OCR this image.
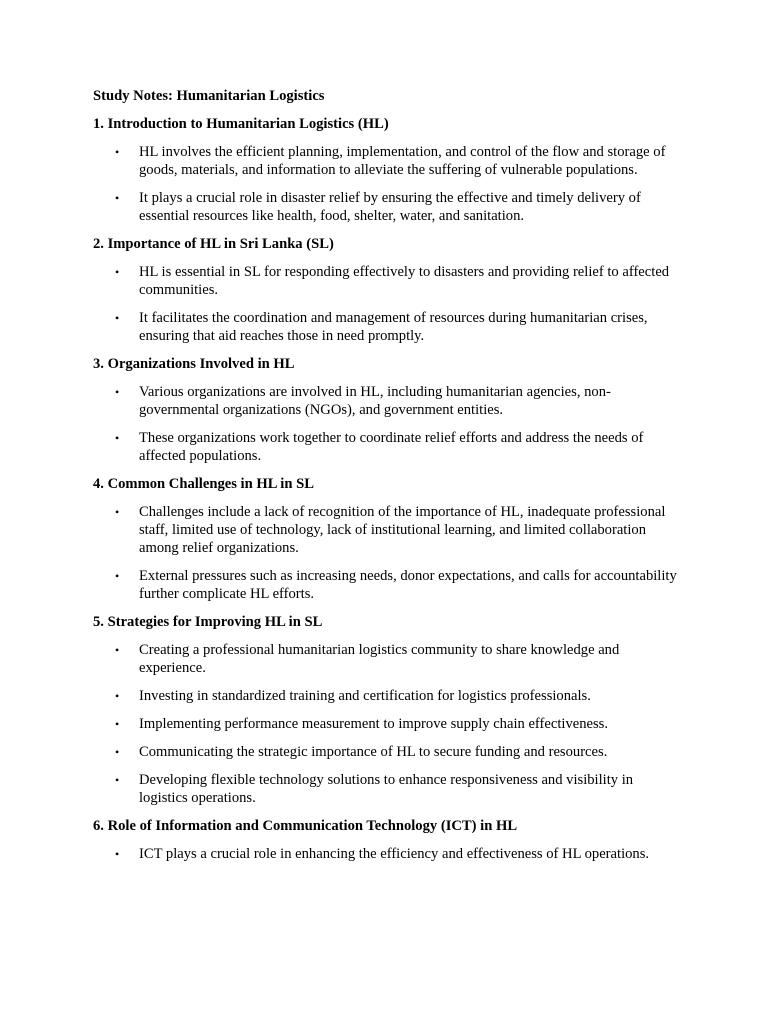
Study Notes: Humanitarian Logistics
1. Introduction to Humanitarian Logistics (HL)
• HL involves the efficient planning, implementation, and control of the flow and storage of goods, materials, and information to alleviate the suffering of vulnerable populations.
• It plays a crucial role in disaster relief by ensuring the effective and timely delivery of essential resources like health, food, shelter, water, and sanitation.
2. Importance of HL in Sri Lanka (SL)
• HL is essential in SL for responding effectively to disasters and providing relief to affected communities.
• It facilitates the coordination and management of resources during humanitarian crises, ensuring that aid reaches those in need promptly.
3. Organizations Involved in HL
• Various organizations are involved in HL, including humanitarian agencies, non-governmental organizations (NGOs), and government entities.
• These organizations work together to coordinate relief efforts and address the needs of affected populations.
4. Common Challenges in HL in SL
• Challenges include a lack of recognition of the importance of HL, inadequate professional staff, limited use of technology, lack of institutional learning, and limited collaboration among relief organizations.
• External pressures such as increasing needs, donor expectations, and calls for accountability further complicate HL efforts.
5. Strategies for Improving HL in SL
• Creating a professional humanitarian logistics community to share knowledge and experience.
• Investing in standardized training and certification for logistics professionals.
• Implementing performance measurement to improve supply chain effectiveness.
• Communicating the strategic importance of HL to secure funding and resources.
• Developing flexible technology solutions to enhance responsiveness and visibility in logistics operations.
6. Role of Information and Communication Technology (ICT) in HL
• ICT plays a crucial role in enhancing the efficiency and effectiveness of HL operations.
